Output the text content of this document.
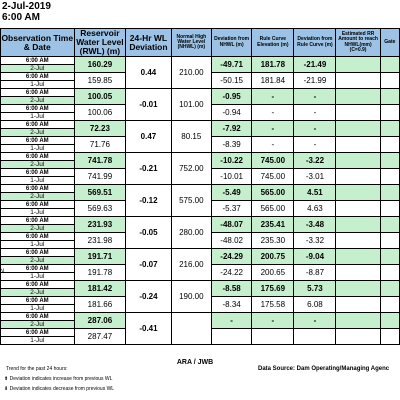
2-Jul-2019
6:00 AM
Observation Time & Date	Reservoir Water Level (RWL) (m)	24-Hr WL Deviation	Normal High Water Level (NHWL) (m)	Deviation from NHWL (m)	Rule Curve Elevation (m)	Deviation from Rule Curve (m)	Estimated RR Amount to reach NHWL(mm) (C=0.9)	Gate
6:00 AM	160.29	0.44	210.00	-49.71	181.78	-21.49		
2-Jul								
6:00 AM	159.85			-50.15	181.84	-21.99		
1-Jul								
6:00 AM	100.05	-0.01	101.00	-0.95	-	-		
2-Jul								
6:00 AM	100.06			-0.94	-	-		
1-Jul								
6:00 AM	72.23	0.47	80.15	-7.92	-	-		
2-Jul								
6:00 AM	71.76			-8.39	-	-		
1-Jul								
6:00 AM	741.78	-0.21	752.00	-10.22	745.00	-3.22		
2-Jul								
6:00 AM	741.99			-10.01	745.00	-3.01		
1-Jul								
6:00 AM	569.51	-0.12	575.00	-5.49	565.00	4.51		
2-Jul								
6:00 AM	569.63			-5.37	565.00	4.63		
1-Jul								
6:00 AM	231.93	-0.05	280.00	-48.07	235.41	-3.48		
2-Jul								
6:00 AM	231.98			-48.02	235.30	-3.32		
1-Jul								
6:00 AM	191.71	-0.07	216.00	-24.29	200.75	-9.04		
2-Jul								
6:00 AM	191.78			-24.22	200.65	-8.87		
1-Jul								
6:00 AM	181.42	-0.24	190.00	-8.58	175.69	5.73		
2-Jul								
6:00 AM	181.66			-8.34	175.58	6.08		
1-Jul								
6:00 AM	287.06	-0.41		-	-	-		
2-Jul								
6:00 AM	287.47							
1-Jul								
N
ARA / JWB
Data Source: Dam Operating/Managing Agenc
Trend for the past 24 hours:
⬆ Deviation indicates increase from previous WL
⬇ Deviation indicates decrease from previous WL
